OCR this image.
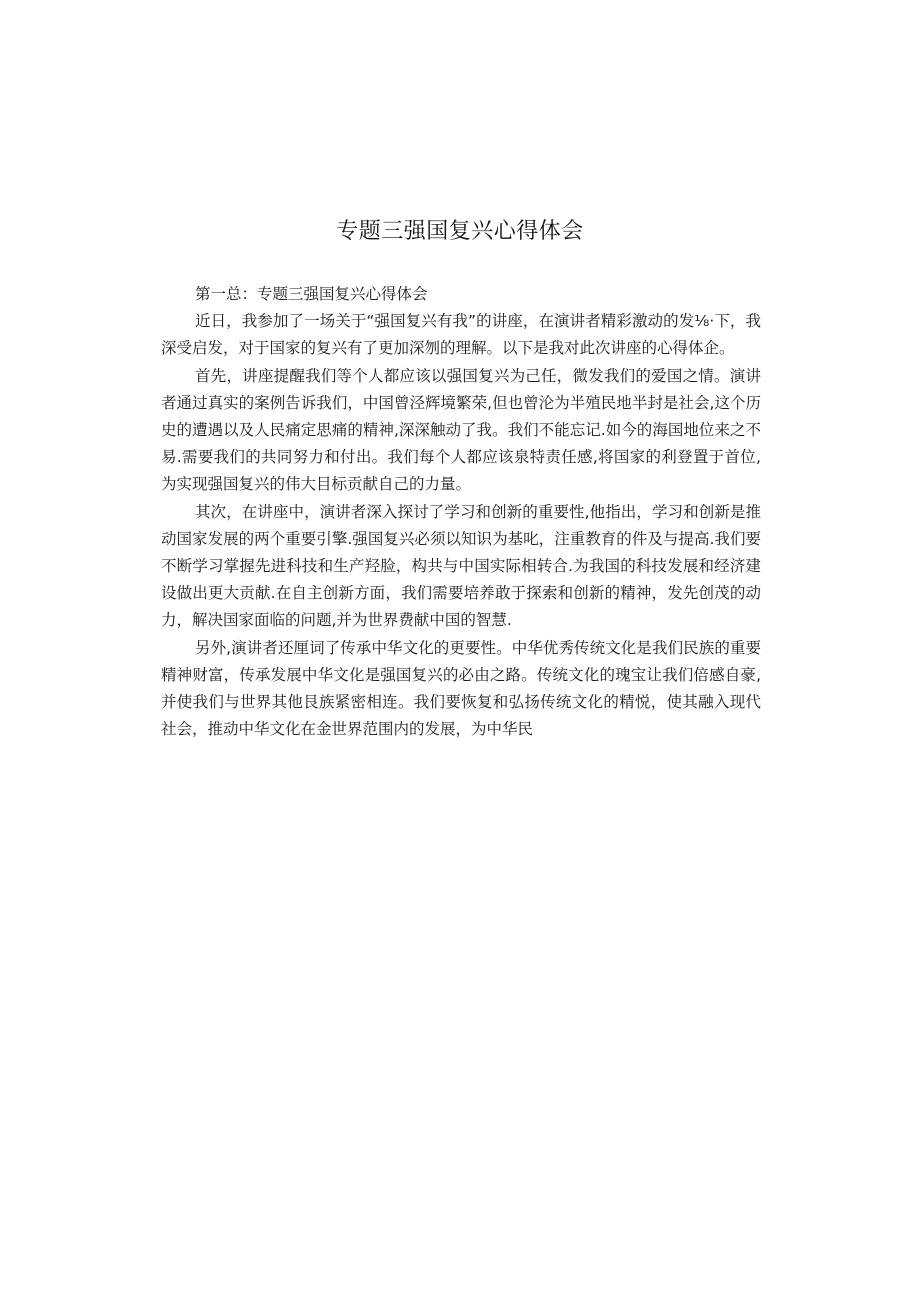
专题三强国复兴心得体会

第一总：专题三强国复兴心得体会

近日，我参加了一场关于“强国复兴有我”的讲座，在演讲者精彩激动的发⅛·下，我深受启发，对于国家的复兴有了更加深刎的理解。以下是我对此次讲座的心得体企。

首先，讲座提醒我们等个人都应该以强国复兴为己任，微发我们的爱国之情。演讲者通过真实的案例告诉我们，中国曾泾辉境繁荣,但也曾沦为半殖民地半封是社会,这个历史的遭遇以及人民痛定思痛的精神,深深触动了我。我们不能忘记.如今的海国地位来之不易.需要我们的共同努力和付出。我们每个人都应该泉特责任感,将国家的利登置于首位,为实现强国复兴的伟大目标贡献自己的力量。

其次，在讲座中，演讲者深入探讨了学习和创新的重要性,他指出，学习和创新是推动国家发展的两个重要引擎.强国复兴必须以知识为基叱，注重教育的件及与提高.我们要不断学习掌握先进科技和生产羟脸，构共与中国实际相转合.为我国的科技发展和经济建设做出更大贡献.在自主创新方面，我们需要培养敢于探索和创新的精神，发先创茂的动力，解决国家面临的问题,并为世界费献中国的智慧.

另外,演讲者还厘词了传承中华文化的更要性。中华优秀传统文化是我们民族的重要精神财富，传承发展中华文化是强国复兴的必由之路。传统文化的瑰宝让我们倍感自豪,并使我们与世界其他艮族紧密相连。我们要恢复和弘扬传统文化的精悦，使其融入现代社会，推动中华文化在金世界范围内的发展，为中华民
